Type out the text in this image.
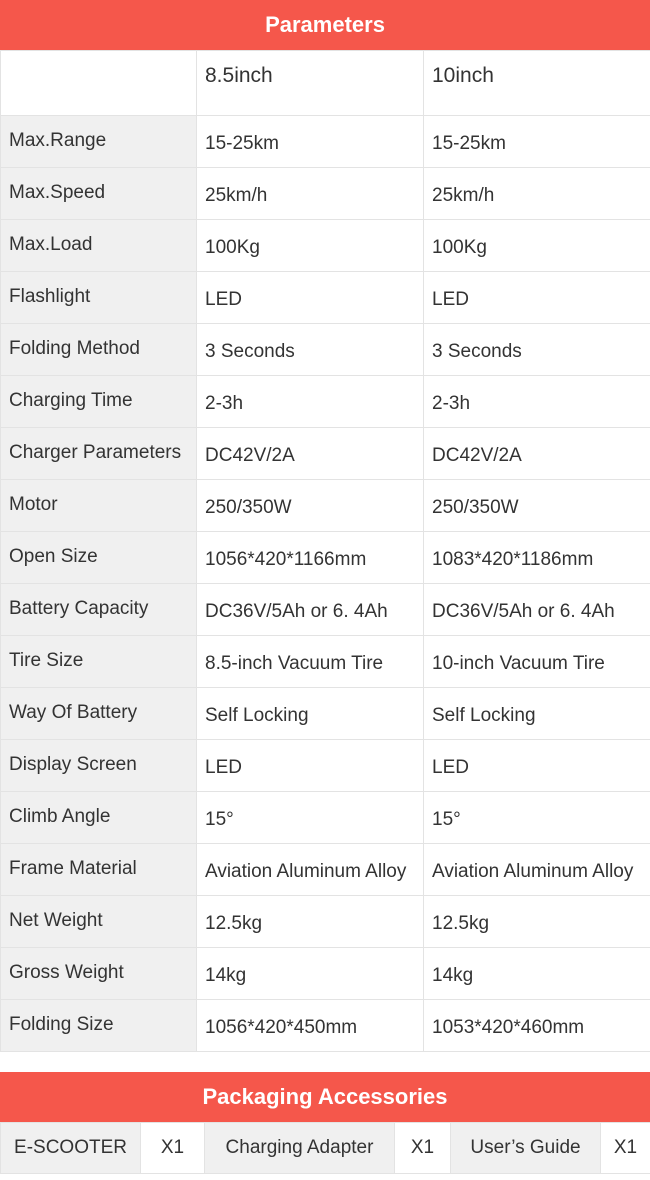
Parameters
	8.5inch	10inch
Max.Range	15-25km	15-25km
Max.Speed	25km/h	25km/h
Max.Load	100Kg	100Kg
Flashlight	LED	LED
Folding Method	3 Seconds	3 Seconds
Charging Time	2-3h	2-3h
Charger Parameters	DC42V/2A	DC42V/2A
Motor	250/350W	250/350W
Open Size	1056*420*1166mm	1083*420*1186mm
Battery Capacity	DC36V/5Ah or 6. 4Ah	DC36V/5Ah or 6. 4Ah
Tire Size	8.5-inch Vacuum Tire	10-inch Vacuum Tire
Way Of Battery	Self Locking	Self Locking
Display Screen	LED	LED
Climb Angle	15°	15°
Frame Material	Aviation Aluminum Alloy	Aviation Aluminum Alloy
Net Weight	12.5kg	12.5kg
Gross Weight	14kg	14kg
Folding Size	1056*420*450mm	1053*420*460mm
Packaging Accessories
E-SCOOTER	X1	Charging Adapter	X1	User’s Guide	X1
